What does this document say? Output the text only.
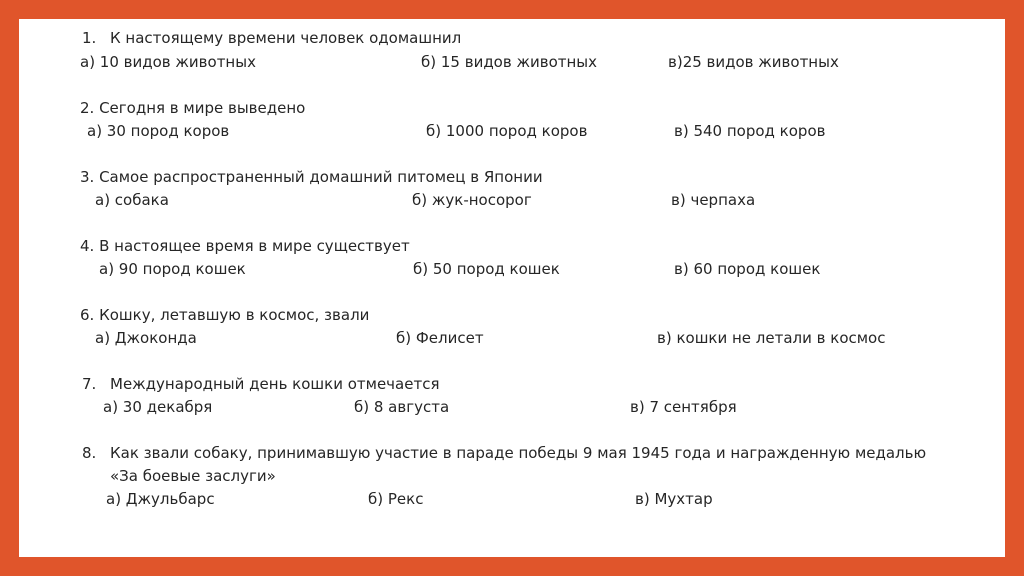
1. К настоящему времени человек одомашнил
а) 10 видов животных	б) 15 видов животных	в)25 видов животных
2. Сегодня в мире выведено
а) 30 пород коров	б) 1000 пород коров	в) 540 пород коров
3. Самое распространенный домашний питомец в Японии
а) собака	б) жук-носорог	в) черпаха
4. В настоящее время в мире существует
а) 90 пород кошек	б) 50 пород кошек	в) 60 пород кошек
6. Кошку, летавшую в космос, звали
а) Джоконда	б) Фелисет	в) кошки не летали в космос
7. Международный день кошки отмечается
а) 30 декабря	б) 8 августа	в) 7 сентября
8. Как звали собаку, принимавшую участие в параде победы 9 мая 1945 года и награжденную медалью
«За боевые заслуги»
а) Джульбарс	б) Рекс	в) Мухтар
